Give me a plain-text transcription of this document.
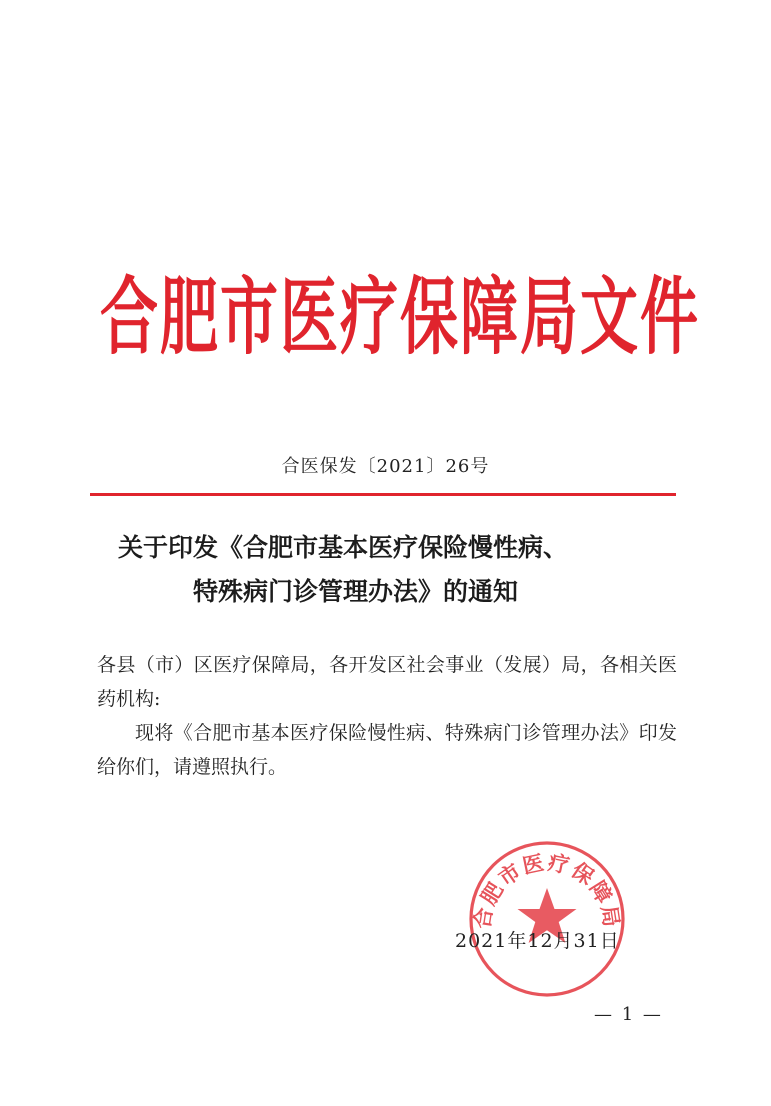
合肥市医疗保障局文件
合医保发〔2021〕26号
关于印发《合肥市基本医疗保险慢性病、
特殊病门诊管理办法》的通知

各县（市）区医疗保障局，各开发区社会事业（发展）局，各相关医药机构:

现将《合肥市基本医疗保险慢性病、特殊病门诊管理办法》印发给你们，请遵照执行。

合肥市医疗保障局
2021年12月31日
— 1 —
